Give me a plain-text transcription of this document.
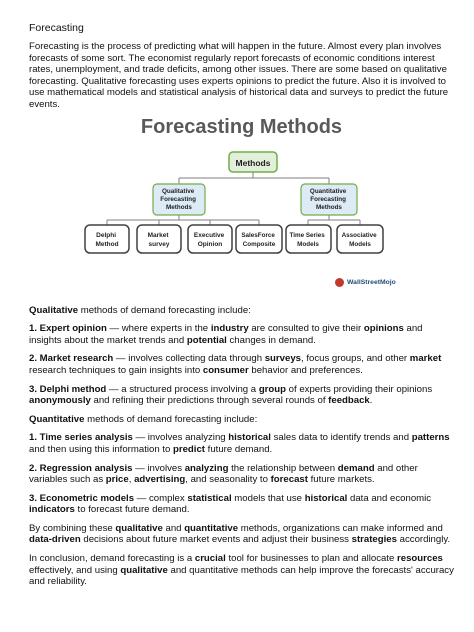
Forecasting

Forecasting is the process of predicting what will happen in the future. Almost every plan involves forecasts of some sort. The economist regularly report forecasts of economic conditions interest rates, unemployment, and trade deficits, among other issues. There are some based on qualitative forecasting. Qualitative forecasting uses experts opinions to predict the future. Also it is involved to use mathematical models and statistical analysis of historical data and surveys to predict the future events.

Forecasting Methods
Methods
Qualitative Forecasting Methods
Quantitative Forecasting Methods
Delphi Method
Market survey
Executive Opinion
SalesForce Composite
Time Series Models
Associative Models
WallStreetMojo

Qualitative methods of demand forecasting include:

1. Expert opinion — where experts in the industry are consulted to give their opinions and insights about the market trends and potential changes in demand.

2. Market research — involves collecting data through surveys, focus groups, and other market research techniques to gain insights into consumer behavior and preferences.

3. Delphi method — a structured process involving a group of experts providing their opinions anonymously and refining their predictions through several rounds of feedback.

Quantitative methods of demand forecasting include:

1. Time series analysis — involves analyzing historical sales data to identify trends and patterns and then using this information to predict future demand.

2. Regression analysis — involves analyzing the relationship between demand and other variables such as price, advertising, and seasonality to forecast future markets.

3. Econometric models — complex statistical models that use historical data and economic indicators to forecast future demand.

By combining these qualitative and quantitative methods, organizations can make informed and data-driven decisions about future market events and adjust their business strategies accordingly.

In conclusion, demand forecasting is a crucial tool for businesses to plan and allocate resources effectively, and using qualitative and quantitative methods can help improve the forecasts' accuracy and reliability.
